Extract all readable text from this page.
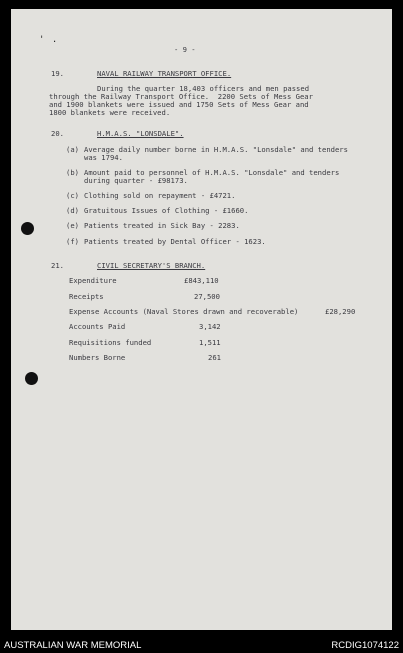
' .
- 9 -
19.	NAVAL RAILWAY TRANSPORT OFFICE.
During the quarter 18,403 officers and men passed
through the Railway Transport Office.  2200 Sets of Mess Gear
and 1900 blankets were issued and 1750 Sets of Mess Gear and
1800 blankets were received.
20.	H.M.A.S. "LONSDALE".
(a) Average daily number borne in H.M.A.S. "Lonsdale" and tenders
was 1794.
(b) Amount paid to personnel of H.M.A.S. "Lonsdale" and tenders
during quarter - £98173.
(c) Clothing sold on repayment - £4721.
(d) Gratuitous Issues of Clothing - £1660.
(e) Patients treated in Sick Bay - 2283.
(f) Patients treated by Dental Officer - 1623.
21.	CIVIL SECRETARY'S BRANCH.
Expenditure	£843,110
Receipts	27,500
Expense Accounts (Naval Stores drawn and recoverable)	£28,290
Accounts Paid	3,142
Requisitions funded	1,511
Numbers Borne	261
AUSTRALIAN WAR MEMORIAL	RCDIG1074122
